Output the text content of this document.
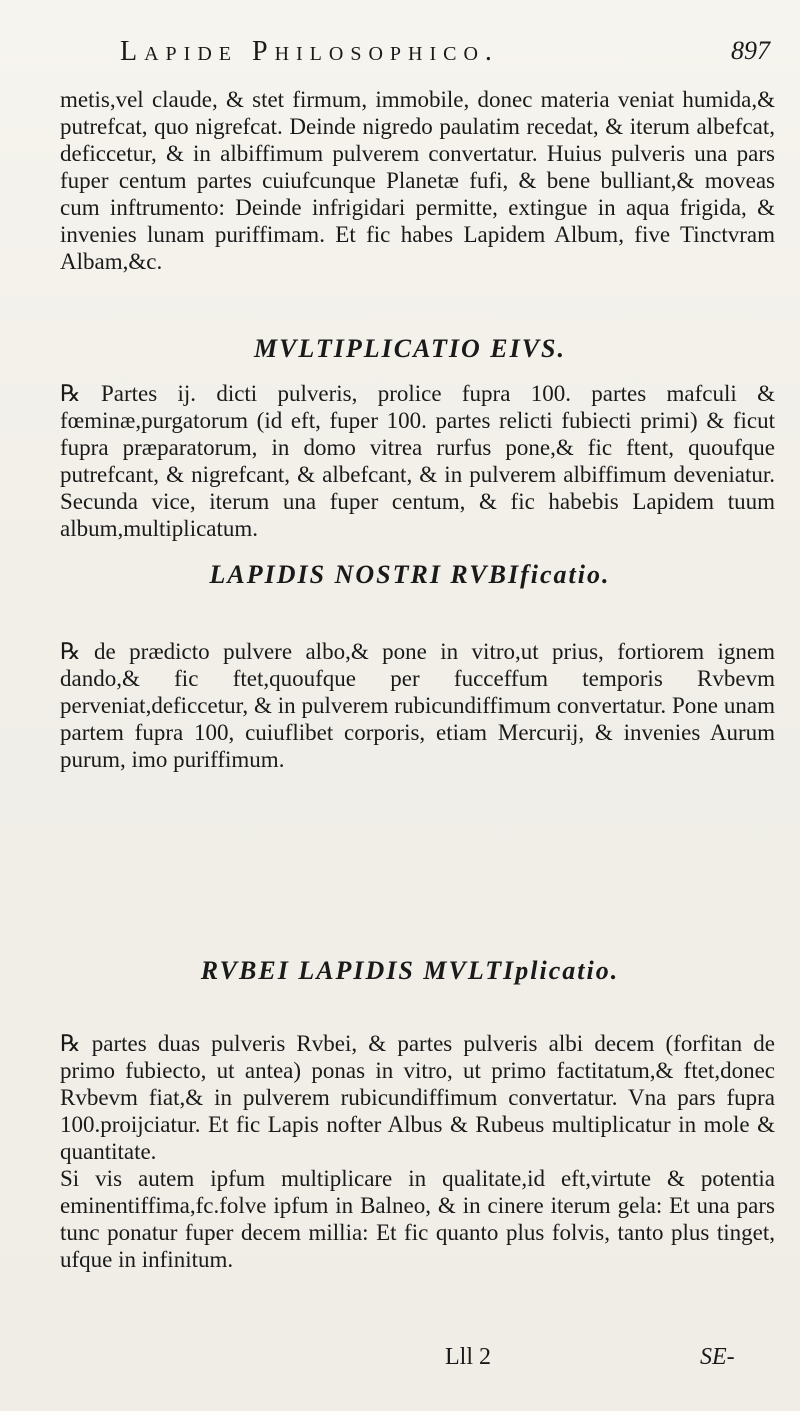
Lapide Philosophico.	897
metis,vel claude, & stet firmum, immobile, donec materia veniat humida,& putrefcat, quo nigrefcat. Deinde nigredo paulatim recedat, & iterum albefcat, deficcetur, & in albiffimum pulverem convertatur. Huius pulveris una pars fuper centum partes cuiufcunque Planetæ fufi, & bene bulliant,& moveas cum inftrumento: Deinde infrigidari permitte, extingue in aqua frigida, & invenies lunam puriffimam. Et fic habes Lapidem Album, five Tinctvram Albam,&c.
MVLTIPLICATIO EIVS.
℞ Partes ij. dicti pulveris, prolice fupra 100. partes mafculi & fœminæ,purgatorum (id eft, fuper 100. partes relicti fubiecti primi) & ficut fupra præparatorum, in domo vitrea rurfus pone,& fic ftent, quoufque putrefcant, & nigrefcant, & albefcant, & in pulverem albiffimum deveniatur. Secunda vice, iterum una fuper centum, & fic habebis Lapidem tuum album,multiplicatum.
LAPIDIS NOSTRI RVBIficatio.
℞ de prædicto pulvere albo,& pone in vitro,ut prius, fortiorem ignem dando,& fic ftet,quoufque per fucceffum temporis Rvbevm perveniat,deficcetur, & in pulverem rubicundiffimum convertatur. Pone unam partem fupra 100, cuiuflibet corporis, etiam Mercurij, & invenies Aurum purum, imo puriffimum.
RVBEI LAPIDIS MVLTIplicatio.
℞ partes duas pulveris Rvbei, & partes pulveris albi decem (forfitan de primo fubiecto, ut antea) ponas in vitro, ut primo factitatum,& ftet,donec Rvbevm fiat,& in pulverem rubicundiffimum convertatur. Vna pars fupra 100.proijciatur. Et fic Lapis nofter Albus & Rubeus multiplicatur in mole & quantitate.
Si vis autem ipfum multiplicare in qualitate,id eft,virtute & potentia eminentiffima,fc.folve ipfum in Balneo, & in cinere iterum gela: Et una pars tunc ponatur fuper decem millia: Et fic quanto plus folvis, tanto plus tinget, ufque in infinitum.
Lll 2	SE-
